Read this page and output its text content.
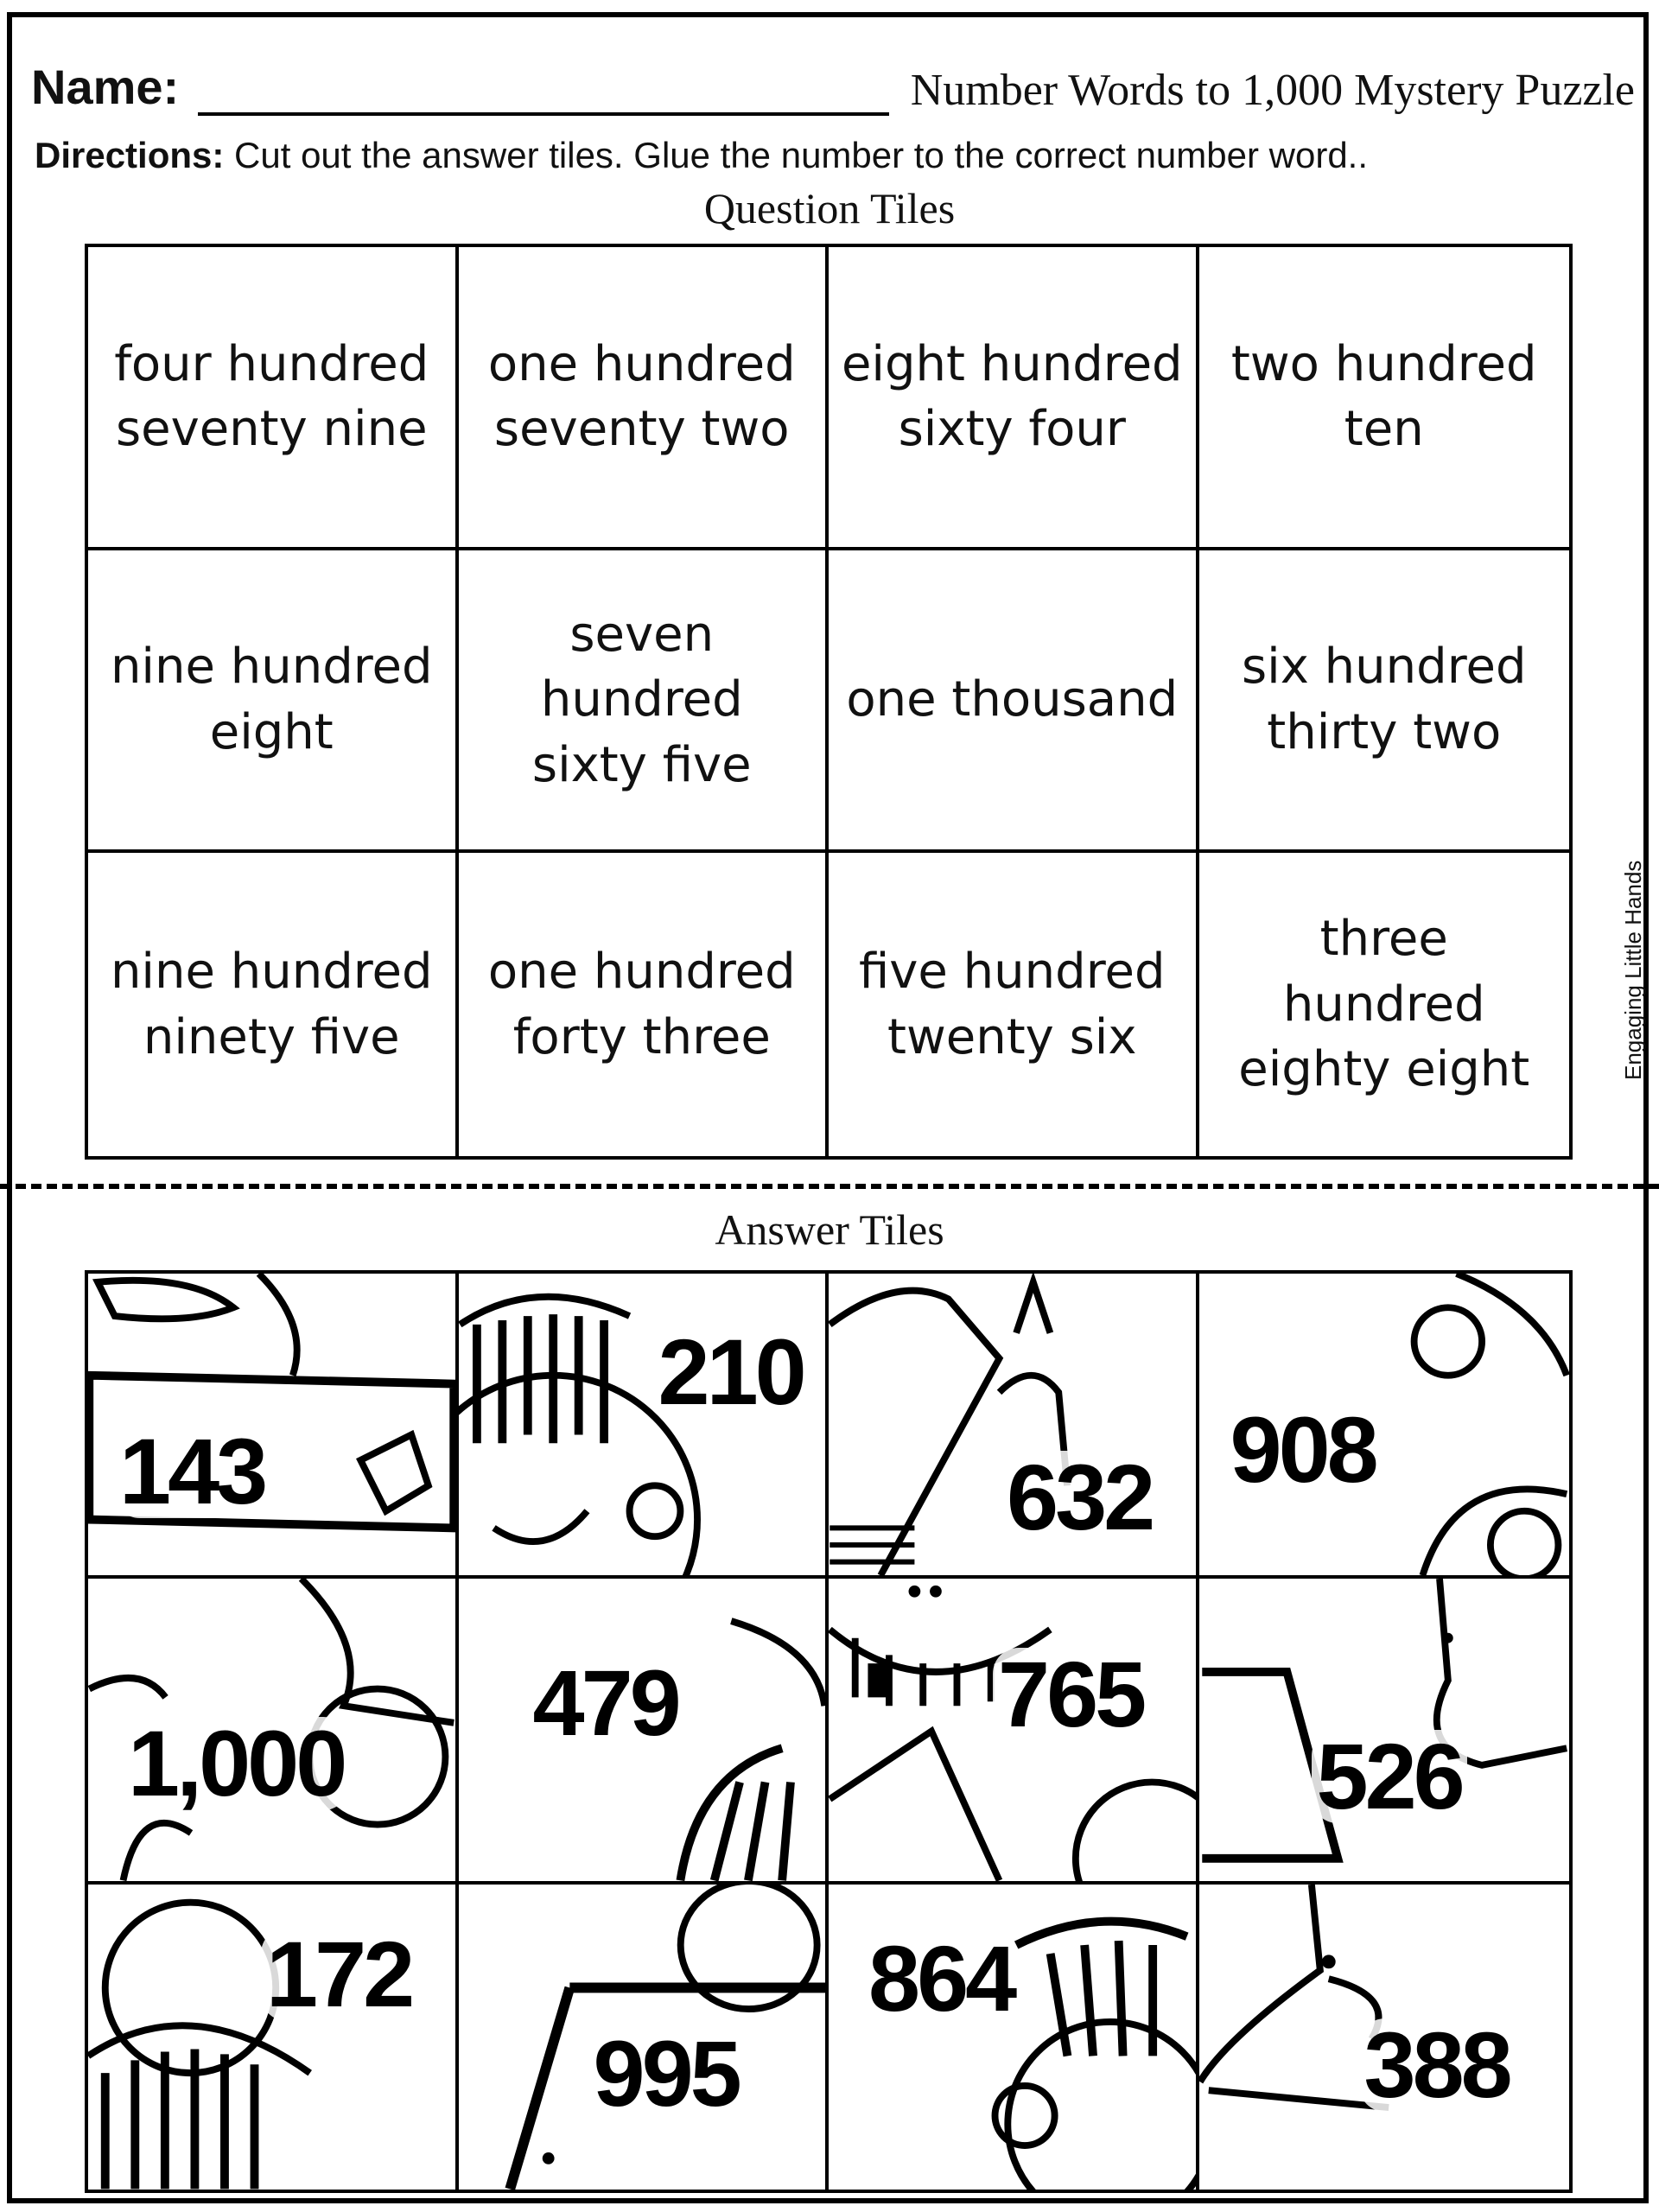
Name:	Number Words to 1,000 Mystery Puzzle
Directions: Cut out the answer tiles. Glue the number to the correct number word..
Question Tiles
four hundred
seventy nine
one hundred
seventy two
eight hundred
sixty four
two hundred
ten
nine hundred
eight
seven
hundred
sixty five
one thousand
six hundred
thirty two
nine hundred
ninety five
one hundred
forty three
five hundred
twenty six
three
hundred
eighty eight	Engaging Little Hands
Answer Tiles
143
210
632 908
1,000
479	765
526
172
995
864
388
